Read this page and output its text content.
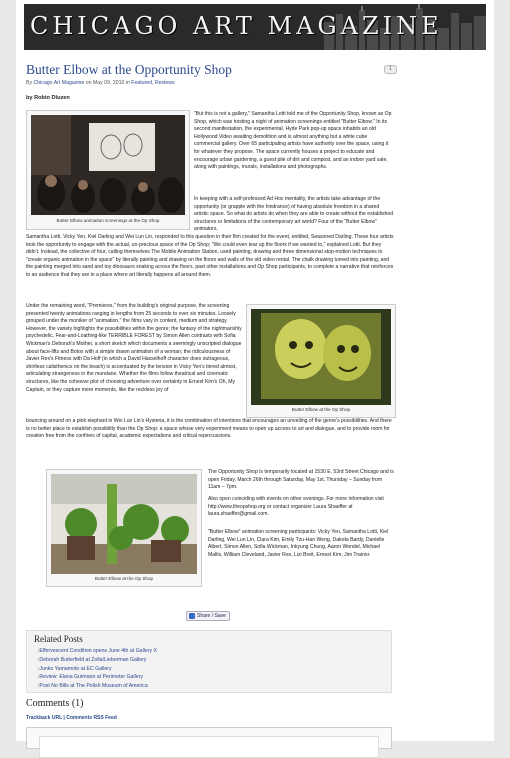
CHICAGO ART MAGAZINE
Butter Elbow at the Opportunity Shop	1
By Chicago Art Magazine on May 09, 2010 in Featured, Reviews
by Robin Dluzen
Butter Elbow animation screenings at the Op Shop

"But this is not a gallery," Samantha Lotti told me of the Opportunity Shop, known as Op Shop, which was hosting a night of animation screenings entitled "Butter Elbow." In its second manifestation, the experimental, Hyde Park pop-up space inhabits an old Hollywood Video awaiting demolition and is almost anything but a white cube commercial gallery. Over 65 participating artists have authority over the space, using it for whatever they propose. The space currently houses a project to educate and encourage urban gardening, a guest pile of dirt and compost, and an indoor yard sale, along with paintings, murals, installations and photographs.

In keeping with a self-professed Ad Hoc mentality, the artists take advantage of the opportunity (or grapple with the hindrance) of having absolute freedom in a shared artistic space. So what do artists do when they are able to create without the established structures or limitations of the contemporary art world? Four of the "Butter Elbow" animators,

Samantha Lotti, Vicky Yen, Kiel Darling and Wei Lun Lin, responded to this question in their film created for the event, entitled, Seasoned Darling. These four artists took the opportunity to engage with the actual, un-precious space of the Op Shop; "We could even tear up the floors if we wanted to," explained Lotti. But they didn't. Instead, the collective of four, calling themselves The Mobile Animation Station, used painting, drawing and three dimensional stop-motion techniques to "create organic animation in the space" by literally painting and drawing on the floors and walls of the old video rental. The chalk drawing turned into painting, and the painting merged into sand and toy dinosaurs snaking across the floors, past other installations and Op Shop participants, to complete a narrative that reinforces to an audience that they are in a place where art literally happens all around them.

Butter Elbow at the Op Shop

Under the remaining word, "Premieres," from the building's original purpose, the screening presented twenty animations ranging in lengths from 25 seconds to over six minutes. Loosely grouped under the moniker of "animation," the films vary in content, medium and strategy. However, the variety highlights the possibilities within the genre; the fantasy of the nightmarishly psychedelic, Fear-and-Loathing-like TERRIBLE FOREST by Simon Allen contrasts with Sofia Wickman's Deborah's Mother, a short sketch which documents a seemingly unscripted dialogue about face-lifts and Botox with a simple drawn animation of a woman; the ridiculousness of Javier Rex's Fitness with Da Hoff (in which a David Hasselhoff character does outrageous, shirtless calisthenics on the beach) is accentuated by the tension in Vicky Yen's tiered almost, articulating strangeness in the mundane. Whether the films follow theatrical and cinematic structures, like the cohesive plot of choosing adventure over certainty in Ernest Kim's Oh, My Captain, or they capture mere moments, like the reckless joy of

bouncing around on a pink elephant in Wei Lun Lin's Hysteria, it is the combination of intentions that encourages an unveiling of the genre's possibilities. And there is no better place to establish possibility than the Op Shop: a space whose very experiment means to open up access to art and dialogue, and to provide room for creation free from the confines of capital, academic expectations and critical repercussions.

Butter Elbow at the Op Shop

The Opportunity Shop is temporarily located at 1530 E. 53rd Street Chicago and is open Friday, March 26th through Saturday, May 1st, Thursday – Sunday from 11am – 7pm.

Also open coinciding with events on other evenings. For more information visit http://www.theopshop.org or contact organizer Laura Shaeffer at laura.shaeffer@gmail.com.

"Butter Elbow" animation screening participants: Vicky Yen, Samantha Lotti, Kiel Darling, Wei Lun Lin, Clara Kim, Emily Tzu-Han Weng, Dakota Bardy, Danielle Albert, Simon Allen, Sofia Wickman, Inkyung Chung, Aaron Wendel, Michael Mallis, William Cleveland, Javier Rex, Lizi Breit, Ernest Kim, Jim Trainor.

Share / Save
Related Posts
□ Effervescent Condition opens June 4th at Gallery X
□ Deborah Butterfield at Zolla/Lieberman Gallery
□ Junko Yamamoto at EC Gallery
□ Review: Elana Gutmann at Perimeter Gallery
□ Post No Bills at The Polish Museum of America
Comments (1)
Trackback URL | Comments RSS Feed
